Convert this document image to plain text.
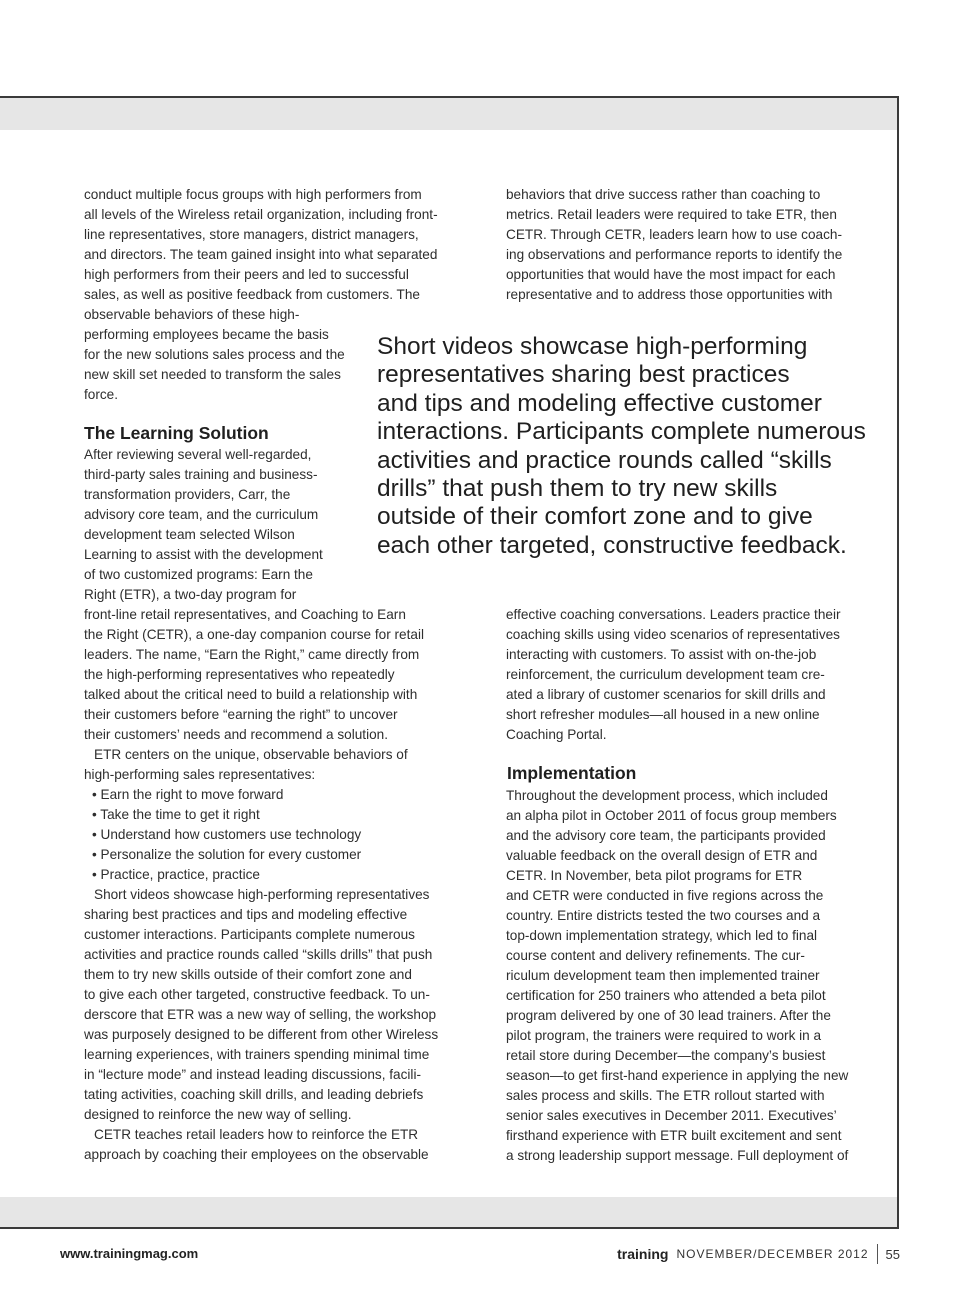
conduct multiple focus groups with high performers from
all levels of the Wireless retail organization, including front-
line representatives, store managers, district managers,
and directors. The team gained insight into what separated
high performers from their peers and led to successful
sales, as well as positive feedback from customers. The
observable behaviors of these high-
performing employees became the basis
for the new solutions sales process and the
new skill set needed to transform the sales
force.
The Learning Solution
After reviewing several well-regarded,
third-party sales training and business-
transformation providers, Carr, the
advisory core team, and the curriculum
development team selected Wilson
Learning to assist with the development
of two customized programs: Earn the
Right (ETR), a two-day program for
front-line retail representatives, and Coaching to Earn
the Right (CETR), a one-day companion course for retail
leaders. The name, “Earn the Right,” came directly from
the high-performing representatives who repeatedly
talked about the critical need to build a relationship with
their customers before “earning the right” to uncover
their customers’ needs and recommend a solution.
ETR centers on the unique, observable behaviors of
high-performing sales representatives:
• Earn the right to move forward
• Take the time to get it right
• Understand how customers use technology
• Personalize the solution for every customer
• Practice, practice, practice
Short videos showcase high-performing representatives
sharing best practices and tips and modeling effective
customer interactions. Participants complete numerous
activities and practice rounds called “skills drills” that push
them to try new skills outside of their comfort zone and
to give each other targeted, constructive feedback. To un-
derscore that ETR was a new way of selling, the workshop
was purposely designed to be different from other Wireless
learning experiences, with trainers spending minimal time
in “lecture mode” and instead leading discussions, facili-
tating activities, coaching skill drills, and leading debriefs
designed to reinforce the new way of selling.
CETR teaches retail leaders how to reinforce the ETR
approach by coaching their employees on the observable
behaviors that drive success rather than coaching to
metrics. Retail leaders were required to take ETR, then
CETR. Through CETR, leaders learn how to use coach-
ing observations and performance reports to identify the
opportunities that would have the most impact for each
representative and to address those opportunities with
Short videos showcase high-performing
representatives sharing best practices
and tips and modeling effective customer
interactions. Participants complete numerous
activities and practice rounds called “skills
drills” that push them to try new skills
outside of their comfort zone and to give
each other targeted, constructive feedback.
effective coaching conversations. Leaders practice their
coaching skills using video scenarios of representatives
interacting with customers. To assist with on-the-job
reinforcement, the curriculum development team cre-
ated a library of customer scenarios for skill drills and
short refresher modules—all housed in a new online
Coaching Portal.
Implementation
Throughout the development process, which included
an alpha pilot in October 2011 of focus group members
and the advisory core team, the participants provided
valuable feedback on the overall design of ETR and
CETR. In November, beta pilot programs for ETR
and CETR were conducted in five regions across the
country. Entire districts tested the two courses and a
top-down implementation strategy, which led to final
course content and delivery refinements. The cur-
riculum development team then implemented trainer
certification for 250 trainers who attended a beta pilot
program delivered by one of 30 lead trainers. After the
pilot program, the trainers were required to work in a
retail store during December—the company’s busiest
season—to get first-hand experience in applying the new
sales process and skills. The ETR rollout started with
senior sales executives in December 2011. Executives’
firsthand experience with ETR built excitement and sent
a strong leadership support message. Full deployment of
www.trainingmag.com	training NOVEMBER/DECEMBER 2012 55
